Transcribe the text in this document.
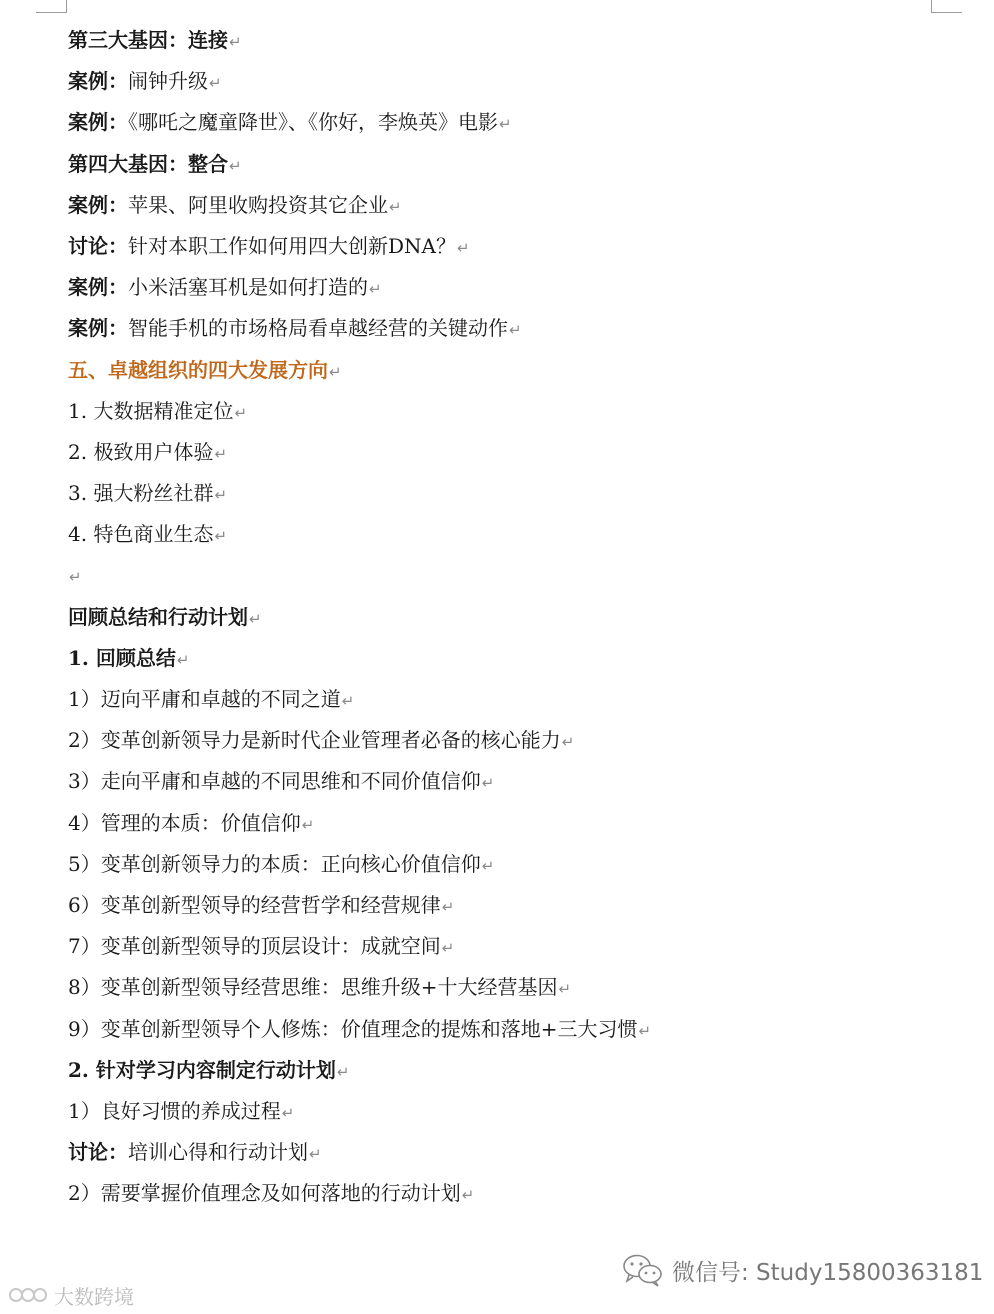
第三大基因：连接↵
案例：闹钟升级↵
案例：《哪吒之魔童降世》、《你好，李焕英》电影↵
第四大基因：整合↵
案例：苹果、阿里收购投资其它企业↵
讨论：针对本职工作如何用四大创新DNA？↵
案例：小米活塞耳机是如何打造的↵
案例：智能手机的市场格局看卓越经营的关键动作↵
五、卓越组织的四大发展方向↵
1. 大数据精准定位↵
2. 极致用户体验↵
3. 强大粉丝社群↵
4. 特色商业生态↵
↵
回顾总结和行动计划↵
1. 回顾总结↵
1）迈向平庸和卓越的不同之道↵
2）变革创新领导力是新时代企业管理者必备的核心能力↵
3）走向平庸和卓越的不同思维和不同价值信仰↵
4）管理的本质：价值信仰↵
5）变革创新领导力的本质：正向核心价值信仰↵
6）变革创新型领导的经营哲学和经营规律↵
7）变革创新型领导的顶层设计：成就空间↵
8）变革创新型领导经营思维：思维升级+十大经营基因↵
9）变革创新型领导个人修炼：价值理念的提炼和落地+三大习惯↵
2. 针对学习内容制定行动计划↵
1）良好习惯的养成过程↵
讨论：培训心得和行动计划↵
2）需要掌握价值理念及如何落地的行动计划↵
微信号: Study15800363181
大数跨境
